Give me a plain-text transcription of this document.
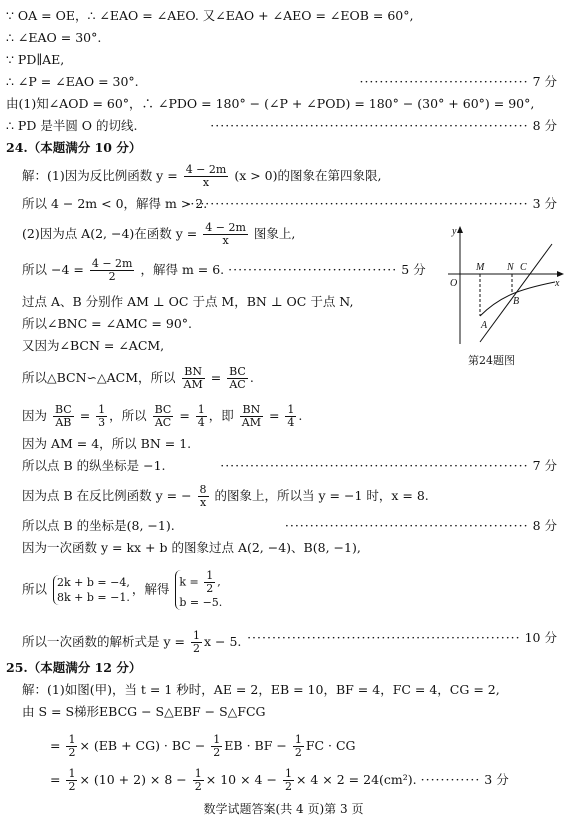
∵ OA = OE，∴ ∠EAO = ∠AEO. 又∠EAO + ∠AEO = ∠EOB = 60°,
∴ ∠EAO = 30°.
∵ PD∥AE,
∴ ∠P = ∠EAO = 30°.	·································· 7 分
由(1)知∠AOD = 60°，∴ ∠PDO = 180° − (∠P + ∠POD) = 180° − (30° + 60°) = 90°,
∴ PD 是半圆 O 的切线.	································································ 8 分
24.（本题满分 10 分）
解：(1)因为反比例函数 $y = \frac{4 - 2m}{x} (x > 0)$的图象在第四象限,
所以 4 − 2m < 0，解得 m > 2.
····································································· 3 分
(2)因为点 A(2, −4)在函数 $y = \frac{4 - 2m}{x}$ 图象上,
所以 $-4 = \frac{4 - 2m}{2}$ ，解得 m = 6. ·································· 5 分
过点 A、B 分别作 AM ⊥ OC 于点 M，BN ⊥ OC 于点 N,
所以∠BNC = ∠AMC = 90°.
又因为∠BCN = ∠ACM,
所以△BCN∽△ACM，所以 $\frac{BN}{AM} = \frac{BC}{AC}$ .
因为 $\frac{BC}{AB} = \frac{1}{3}$ ，所以 $\frac{BC}{AC} = \frac{1}{4}$ ，即 $\frac{BN}{AM} = \frac{1}{4}$ .
因为 AM = 4，所以 BN = 1.
所以点 B 的纵坐标是 −1.	······························································ 7 分
因为点 B 在反比例函数 y = − $\frac{8}{x}$ 的图象上，所以当 y = −1 时，x = 8.
所以点 B 的坐标是(8, −1).	················································· 8 分
因为一次函数 y = kx + b 的图象过点 A(2, −4)、B(8, −1),
所以 2k + b = −4,
8k + b = −1.，解得 $k = \frac{1}{2}$ ,
b = −5.
所以一次函数的解析式是 $y = \frac{1}{2}$ x − 5. ······················································· 10 分
25.（本题满分 12 分）
解：(1)如图(甲)，当 t = 1 秒时，AE = 2，EB = 10，BF = 4，FC = 4，CG = 2,
由 S = S梯形EBCG − S△EBF − S△FCG
= $\frac{1}{2} \times (EB + CG)$ · BC − $\frac{1}{2}$ EB · BF − $\frac{1}{2}$ FC · CG
= $\frac{1}{2} \times (10 + 2) \times 8 - \frac{1}{2} \times 10 \times 4 - \frac{1}{2} \times 4 \times 2 = 24(cm^2)$. ············ 3 分
y
M N C
O	x
B
A
第24题图
数学试题答案(共 4 页)第 3 页
